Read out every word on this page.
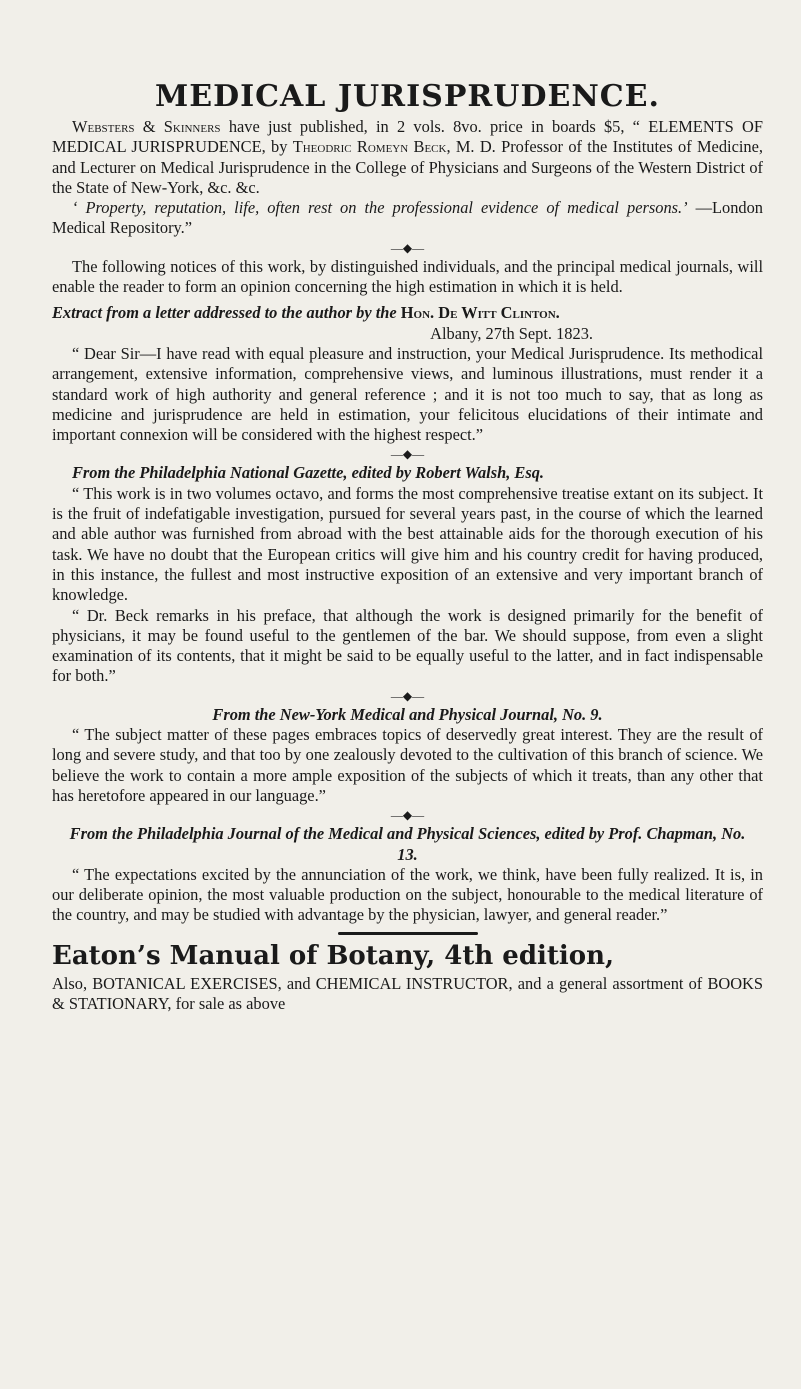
MEDICAL JURISPRUDENCE.

Websters & Skinners have just published, in 2 vols. 8vo. price in boards $5, “ ELEMENTS OF MEDICAL JURISPRUDENCE, by Theodric Romeyn Beck, M. D. Professor of the Institutes of Medicine, and Lecturer on Medical Jurisprudence in the College of Physicians and Surgeons of the Western District of the State of New-York, &c. &c.

‘ Property, reputation, life, often rest on the professional evidence of medical persons.’ —London Medical Repository.”

—◆—

The following notices of this work, by distinguished individuals, and the principal medical journals, will enable the reader to form an opinion concerning the high estimation in which it is held.

Extract from a letter addressed to the author by the Hon. De Witt Clinton.

Albany, 27th Sept. 1823.

“ Dear Sir—I have read with equal pleasure and instruction, your Medical Jurisprudence. Its methodical arrangement, extensive information, comprehensive views, and luminous illustrations, must render it a standard work of high authority and general reference ; and it is not too much to say, that as long as medicine and jurisprudence are held in estimation, your felicitous elucidations of their intimate and important connexion will be considered with the highest respect.”

—◆—

From the Philadelphia National Gazette, edited by Robert Walsh, Esq.

“ This work is in two volumes octavo, and forms the most comprehensive treatise extant on its subject. It is the fruit of indefatigable investigation, pursued for several years past, in the course of which the learned and able author was furnished from abroad with the best attainable aids for the thorough execution of his task. We have no doubt that the European critics will give him and his country credit for having produced, in this instance, the fullest and most instructive exposition of an extensive and very important branch of knowledge.

“ Dr. Beck remarks in his preface, that although the work is designed primarily for the benefit of physicians, it may be found useful to the gentlemen of the bar. We should suppose, from even a slight examination of its contents, that it might be said to be equally useful to the latter, and in fact indispensable for both.”

—◆—

From the New-York Medical and Physical Journal, No. 9.

“ The subject matter of these pages embraces topics of deservedly great interest. They are the result of long and severe study, and that too by one zealously devoted to the cultivation of this branch of science. We believe the work to contain a more ample exposition of the subjects of which it treats, than any other that has heretofore appeared in our language.”

—◆—

From the Philadelphia Journal of the Medical and Physical Sciences, edited by Prof. Chapman, No. 13.

“ The expectations excited by the annunciation of the work, we think, have been fully realized. It is, in our deliberate opinion, the most valuable production on the subject, honourable to the medical literature of the country, and may be studied with advantage by the physician, lawyer, and general reader.”

Eaton’s Manual of Botany, 4th edition,

Also, BOTANICAL EXERCISES, and CHEMICAL INSTRUCTOR, and a general assortment of BOOKS & STATIONARY, for sale as above
